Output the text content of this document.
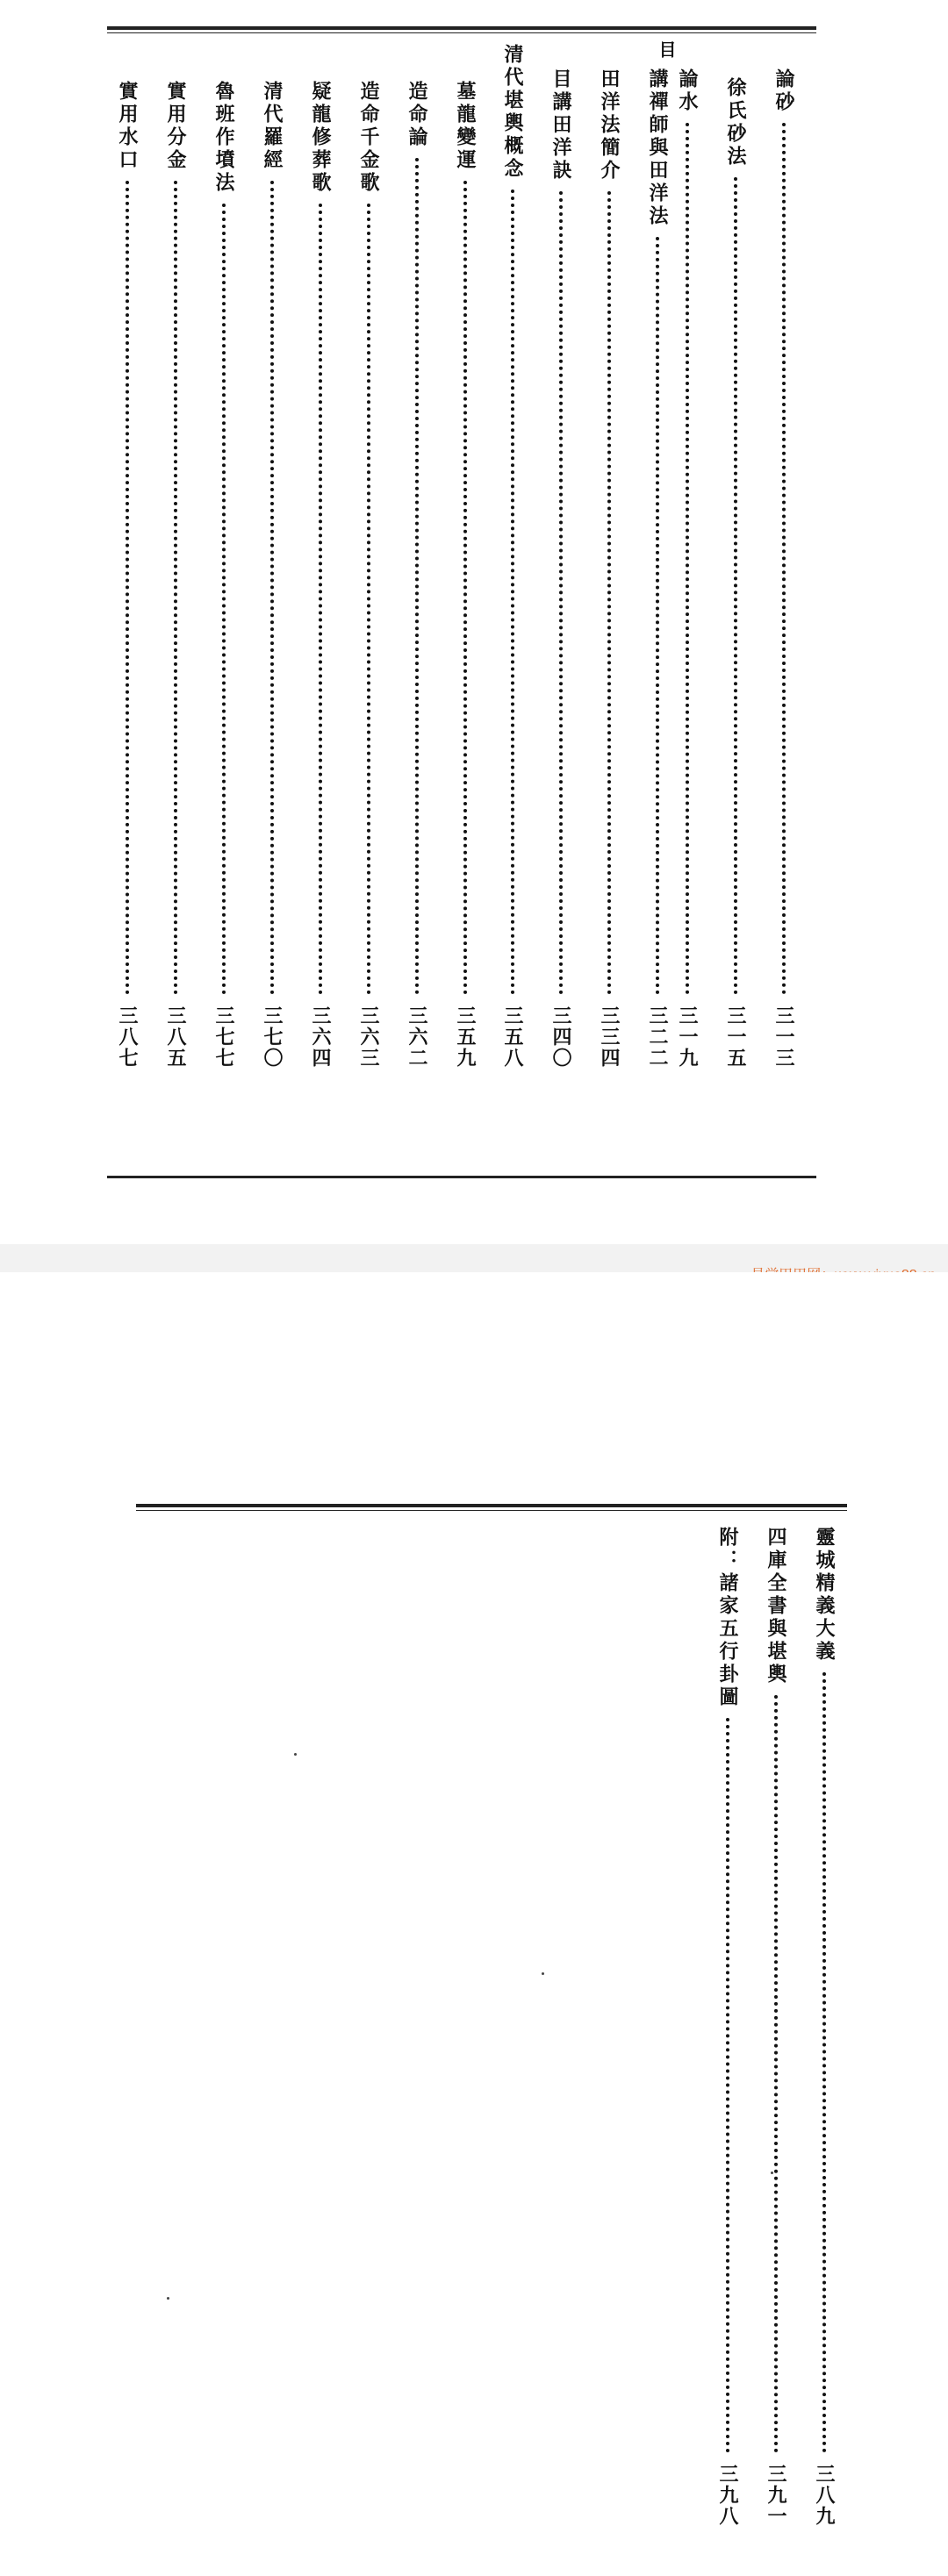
論砂
三一三
徐氏砂法
三一五
論水
三一九
目
講禪師與田洋法
三二二
田洋法簡介
三三四
目講田洋訣
三四〇
清代堪輿概念
三五八
墓龍變運
三五九
造命論
三六二
造命千金歌
三六三
疑龍修葬歌
三六四
清代羅經
三七〇
魯班作墳法
三七七
實用分金
三八五
實用水口
三八七
靈城精義大義
三八九
四庫全書與堪輿
三九一
附：諸家五行卦圖
三九八
